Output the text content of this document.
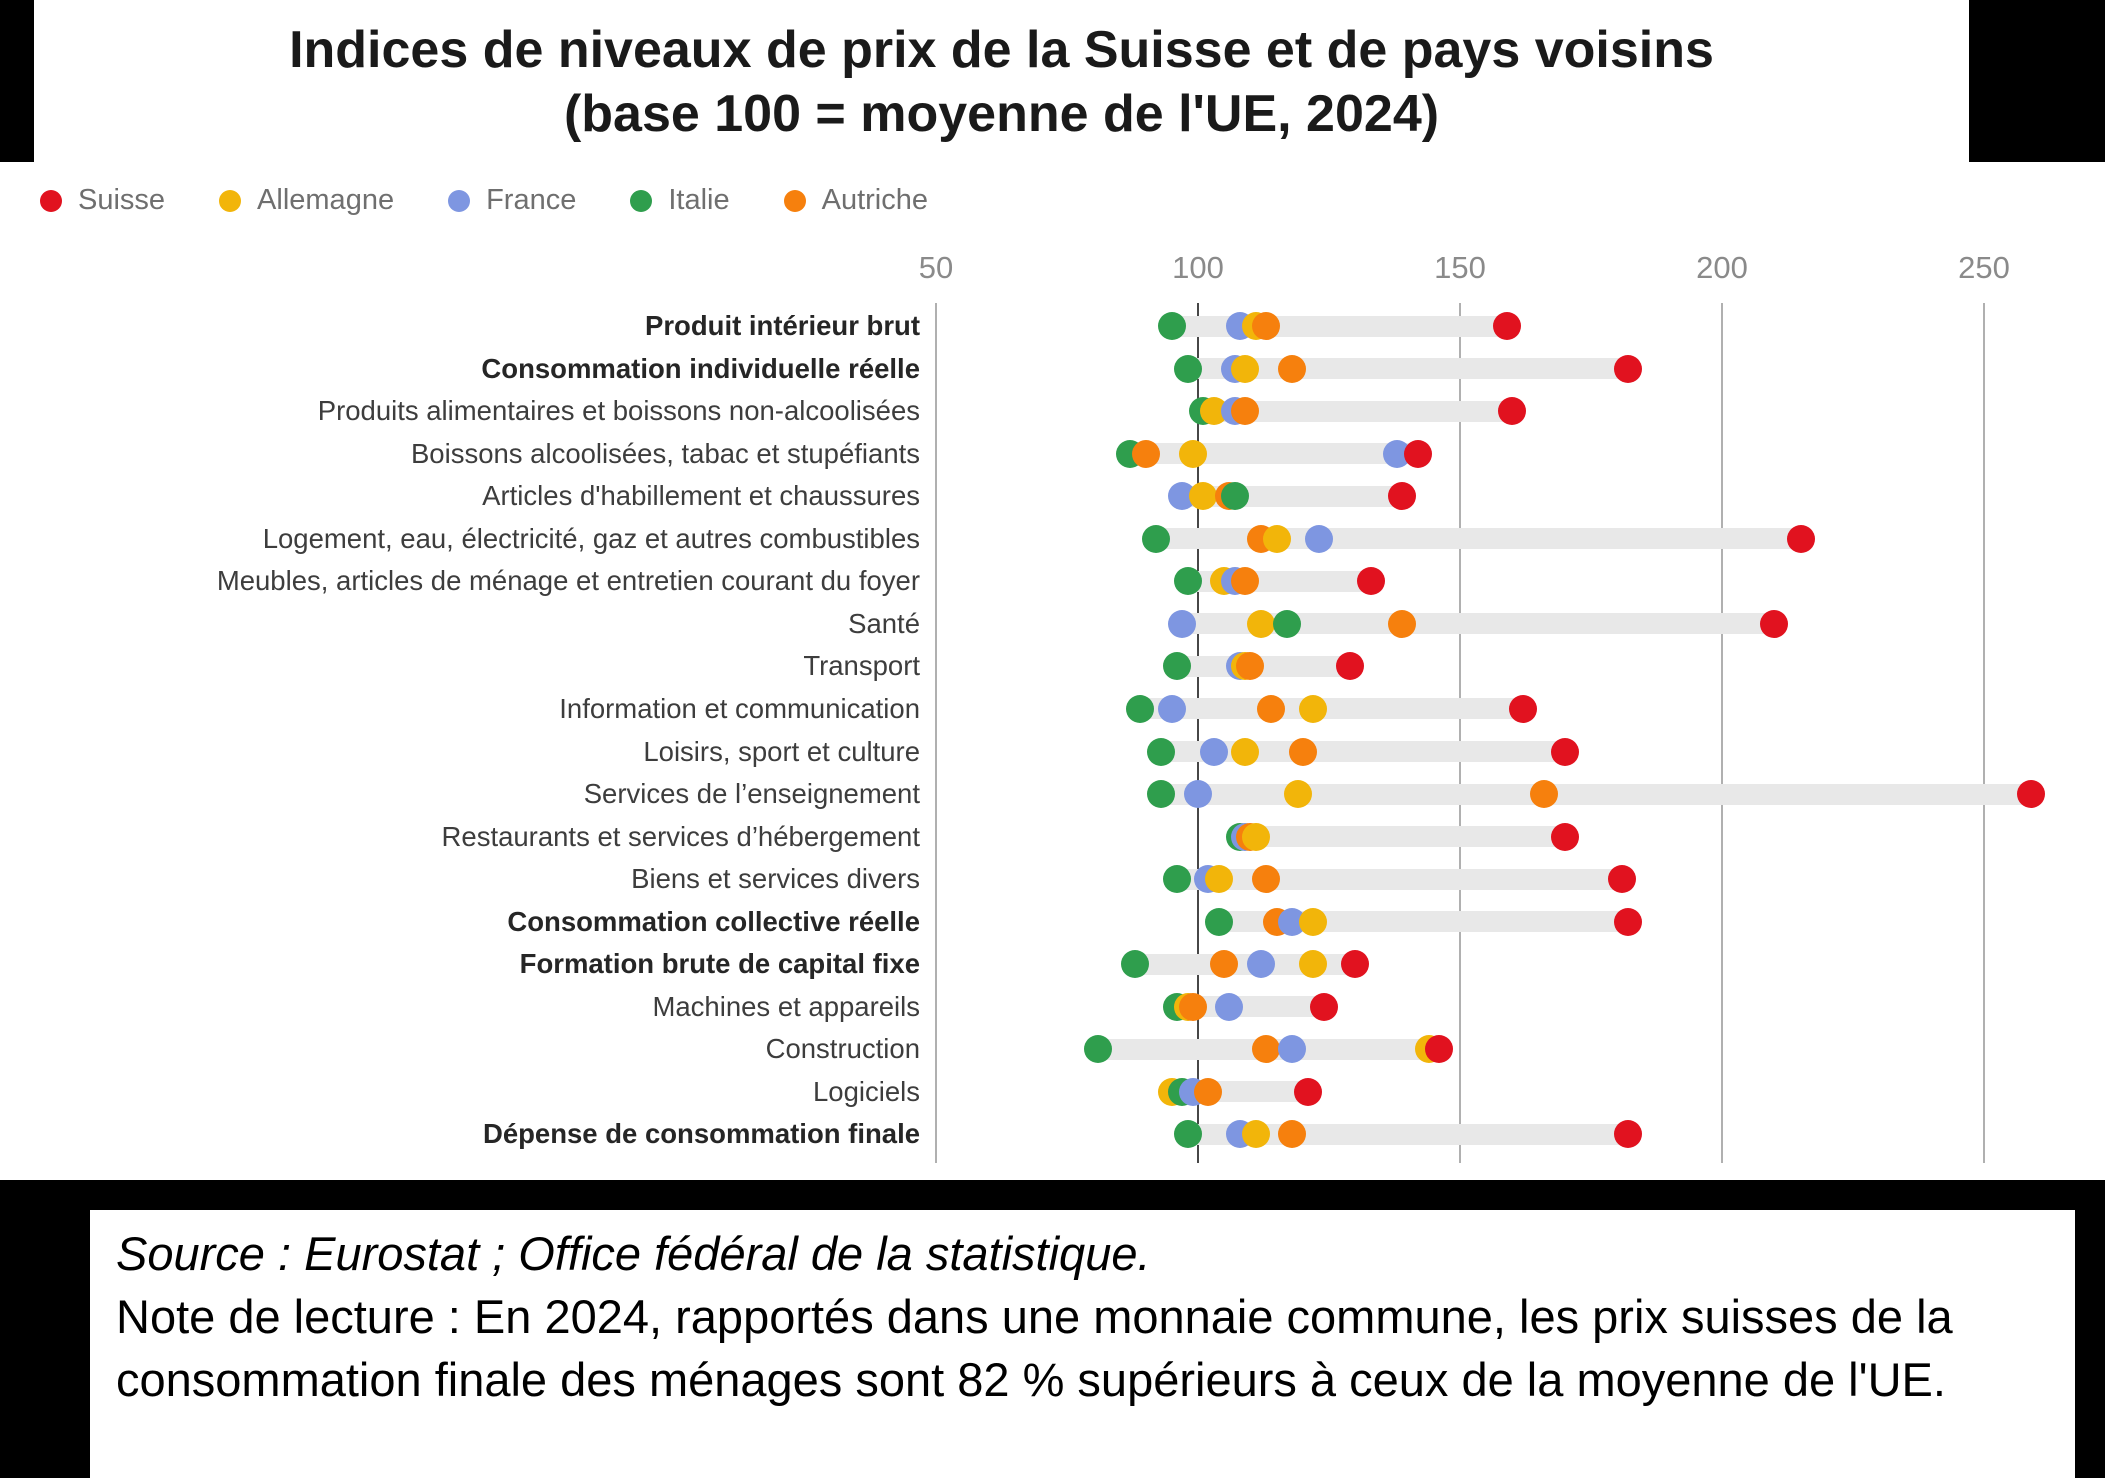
Indices de niveaux de prix de la Suisse et de pays voisins
(base 100 = moyenne de l'UE, 2024)
Suisse	Allemagne	France	Italie	Autriche
50	100	150	200	250
Produit intérieur brut
Consommation individuelle réelle
Produits alimentaires et boissons non-alcoolisées
Boissons alcoolisées, tabac et stupéfiants
Articles d'habillement et chaussures
Logement, eau, électricité, gaz et autres combustibles
Meubles, articles de ménage et entretien courant du foyer
Santé
Transport
Information et communication
Loisirs, sport et culture
Services de l’enseignement
Restaurants et services d’hébergement
Biens et services divers
Consommation collective réelle
Formation brute de capital fixe
Machines et appareils
Construction
Logiciels
Dépense de consommation finale

Source : Eurostat ; Office fédéral de la statistique.

Note de lecture : En 2024, rapportés dans une monnaie commune, les prix suisses de la consommation finale des ménages sont 82 % supérieurs à ceux de la moyenne de l'UE.
